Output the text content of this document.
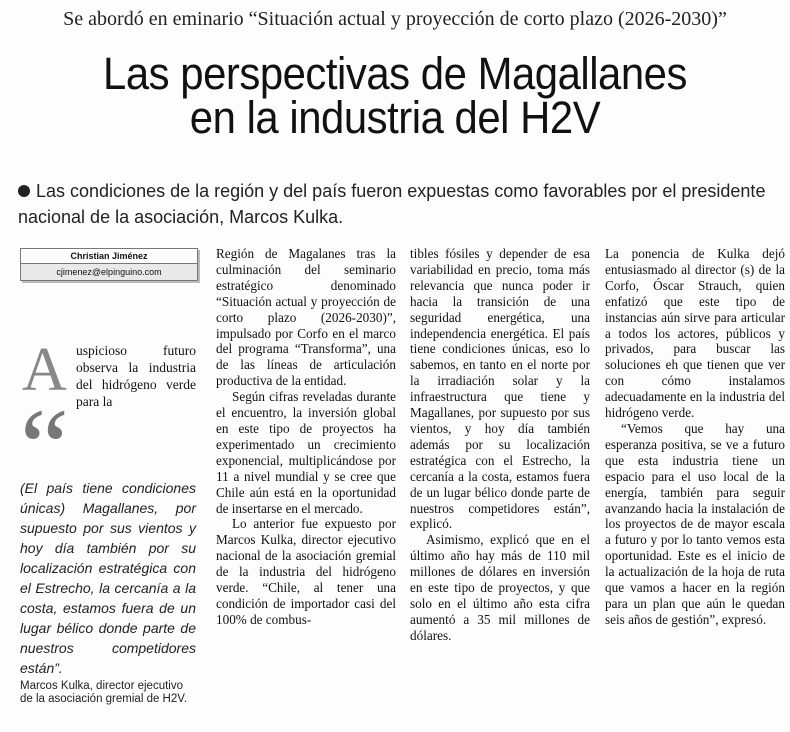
Se abordó en eminario “Situación actual y proyección de corto plazo (2026-2030)”
Las perspectivas de Magallanes
en la industria del H2V
Las condiciones de la región y del país fueron expuestas como favorables por el presidente nacional de la asociación, Marcos Kulka.
Christian Jiménez
cjimenez@elpinguino.com
A uspicioso futuro observa la industria del hidrógeno verde para la
“
(El país tiene condiciones únicas) Magallanes, por supuesto por sus vientos y hoy día también por su localización estratégica con el Estrecho, la cercanía a la costa, estamos fuera de un lugar bélico donde parte de nuestros competidores están”.
Marcos Kulka, director ejecutivo de la asociación gremial de H2V.

Región de Magalanes tras la culminación del seminario estratégico denominado “Situación actual y proyección de corto plazo (2026-2030)”, impulsado por Corfo en el marco del programa “Transforma”, una de las líneas de articulación productiva de la entidad.

Según cifras reveladas durante el encuentro, la inversión global en este tipo de proyectos ha experimentado un crecimiento exponencial, multiplicándose por 11 a nivel mundial y se cree que Chile aún está en la oportunidad de insertarse en el mercado.

Lo anterior fue expuesto por Marcos Kulka, director ejecutivo nacional de la asociación gremial de la industria del hidrógeno verde. “Chile, al tener una condición de importador casi del 100% de combus-

tibles fósiles y depender de esa variabilidad en precio, toma más relevancia que nunca poder ir hacia la transición de una seguridad energética, una independencia energética. El país tiene condiciones únicas, eso lo sabemos, en tanto en el norte por la irradiación solar y la infraestructura que tiene y Magallanes, por supuesto por sus vientos, y hoy día también además por su localización estratégica con el Estrecho, la cercanía a la costa, estamos fuera de un lugar bélico donde parte de nuestros competidores están”, explicó.

Asimismo, explicó que en el último año hay más de 110 mil millones de dólares en inversión en este tipo de proyectos, y que solo en el último año esta cifra aumentó a 35 mil millones de dólares.

La ponencia de Kulka dejó entusiasmado al director (s) de la Corfo, Óscar Strauch, quien enfatizó que este tipo de instancias aún sirve para articular a todos los actores, públicos y privados, para buscar las soluciones eh que tienen que ver con cómo instalamos adecuadamente en la industria del hidrógeno verde.

“Vemos que hay una esperanza positiva, se ve a futuro que esta industria tiene un espacio para el uso local de la energía, también para seguir avanzando hacia la instalación de los proyectos de de mayor escala a futuro y por lo tanto vemos esta oportunidad. Este es el inicio de la actualización de la hoja de ruta que vamos a hacer en la región para un plan que aún le quedan seis años de gestión”, expresó.
